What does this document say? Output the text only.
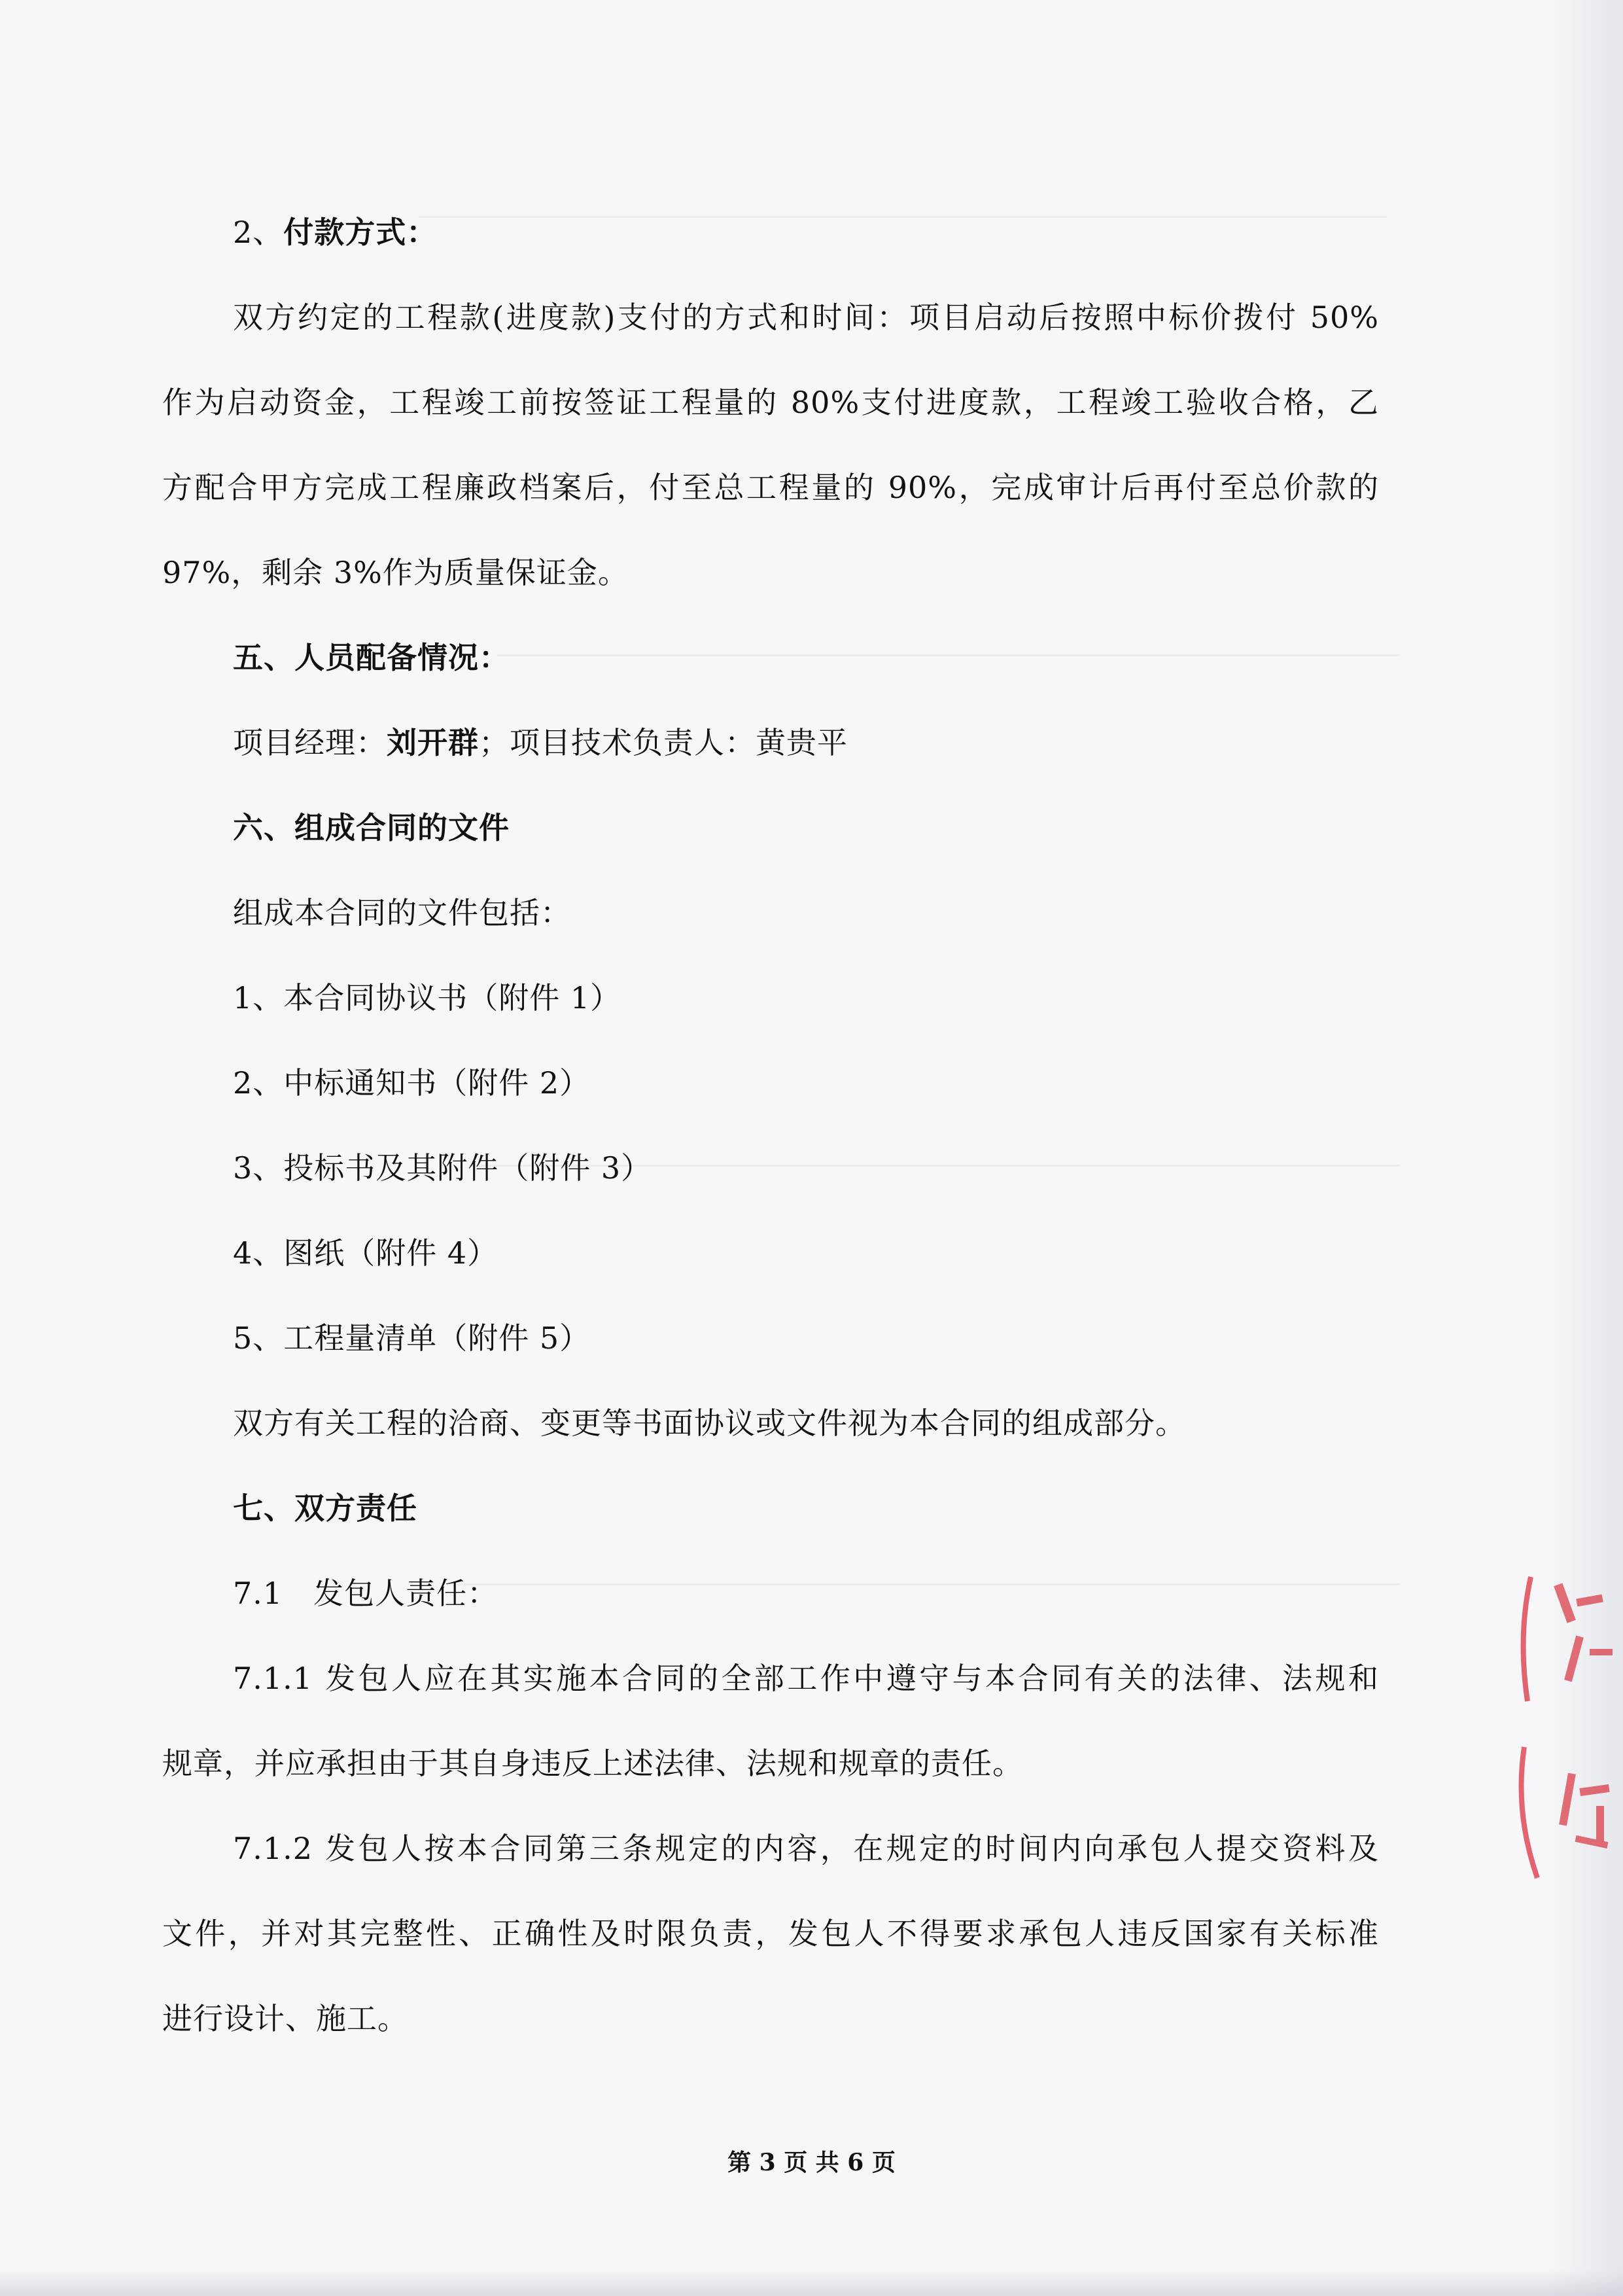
2、付款方式：
双方约定的工程款(进度款)支付的方式和时间：项目启动后按照中标价拨付 50%
作为启动资金，工程竣工前按签证工程量的 80%支付进度款，工程竣工验收合格，乙
方配合甲方完成工程廉政档案后，付至总工程量的 90%，完成审计后再付至总价款的
97%，剩余 3%作为质量保证金。
五、人员配备情况：
项目经理：刘开群；项目技术负责人：黄贵平
六、组成合同的文件
组成本合同的文件包括：
1、本合同协议书（附件 1）
2、中标通知书（附件 2）
3、投标书及其附件（附件 3）
4、图纸（附件 4）
5、工程量清单（附件 5）
双方有关工程的洽商、变更等书面协议或文件视为本合同的组成部分。
七、双方责任
7.1　发包人责任：
7.1.1 发包人应在其实施本合同的全部工作中遵守与本合同有关的法律、法规和
规章，并应承担由于其自身违反上述法律、法规和规章的责任。
7.1.2 发包人按本合同第三条规定的内容，在规定的时间内向承包人提交资料及
文件，并对其完整性、正确性及时限负责，发包人不得要求承包人违反国家有关标准
进行设计、施工。
第 3 页 共 6 页
